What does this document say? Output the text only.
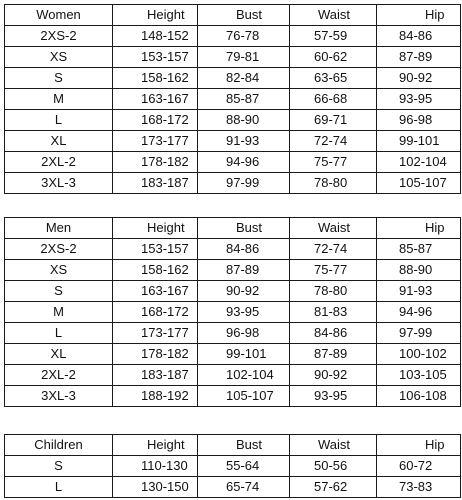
Women	Height	Bust	Waist	Hip
2XS-2	148-152	76-78	57-59	84-86
XS	153-157	79-81	60-62	87-89
S	158-162	82-84	63-65	90-92
M	163-167	85-87	66-68	93-95
L	168-172	88-90	69-71	96-98
XL	173-177	91-93	72-74	99-101
2XL-2	178-182	94-96	75-77	102-104
3XL-3	183-187	97-99	78-80	105-107
Men	Height	Bust	Waist	Hip
2XS-2	153-157	84-86	72-74	85-87
XS	158-162	87-89	75-77	88-90
S	163-167	90-92	78-80	91-93
M	168-172	93-95	81-83	94-96
L	173-177	96-98	84-86	97-99
XL	178-182	99-101	87-89	100-102
2XL-2	183-187	102-104	90-92	103-105
3XL-3	188-192	105-107	93-95	106-108
Children	Height	Bust	Waist	Hip
S	110-130	55-64	50-56	60-72
L	130-150	65-74	57-62	73-83
